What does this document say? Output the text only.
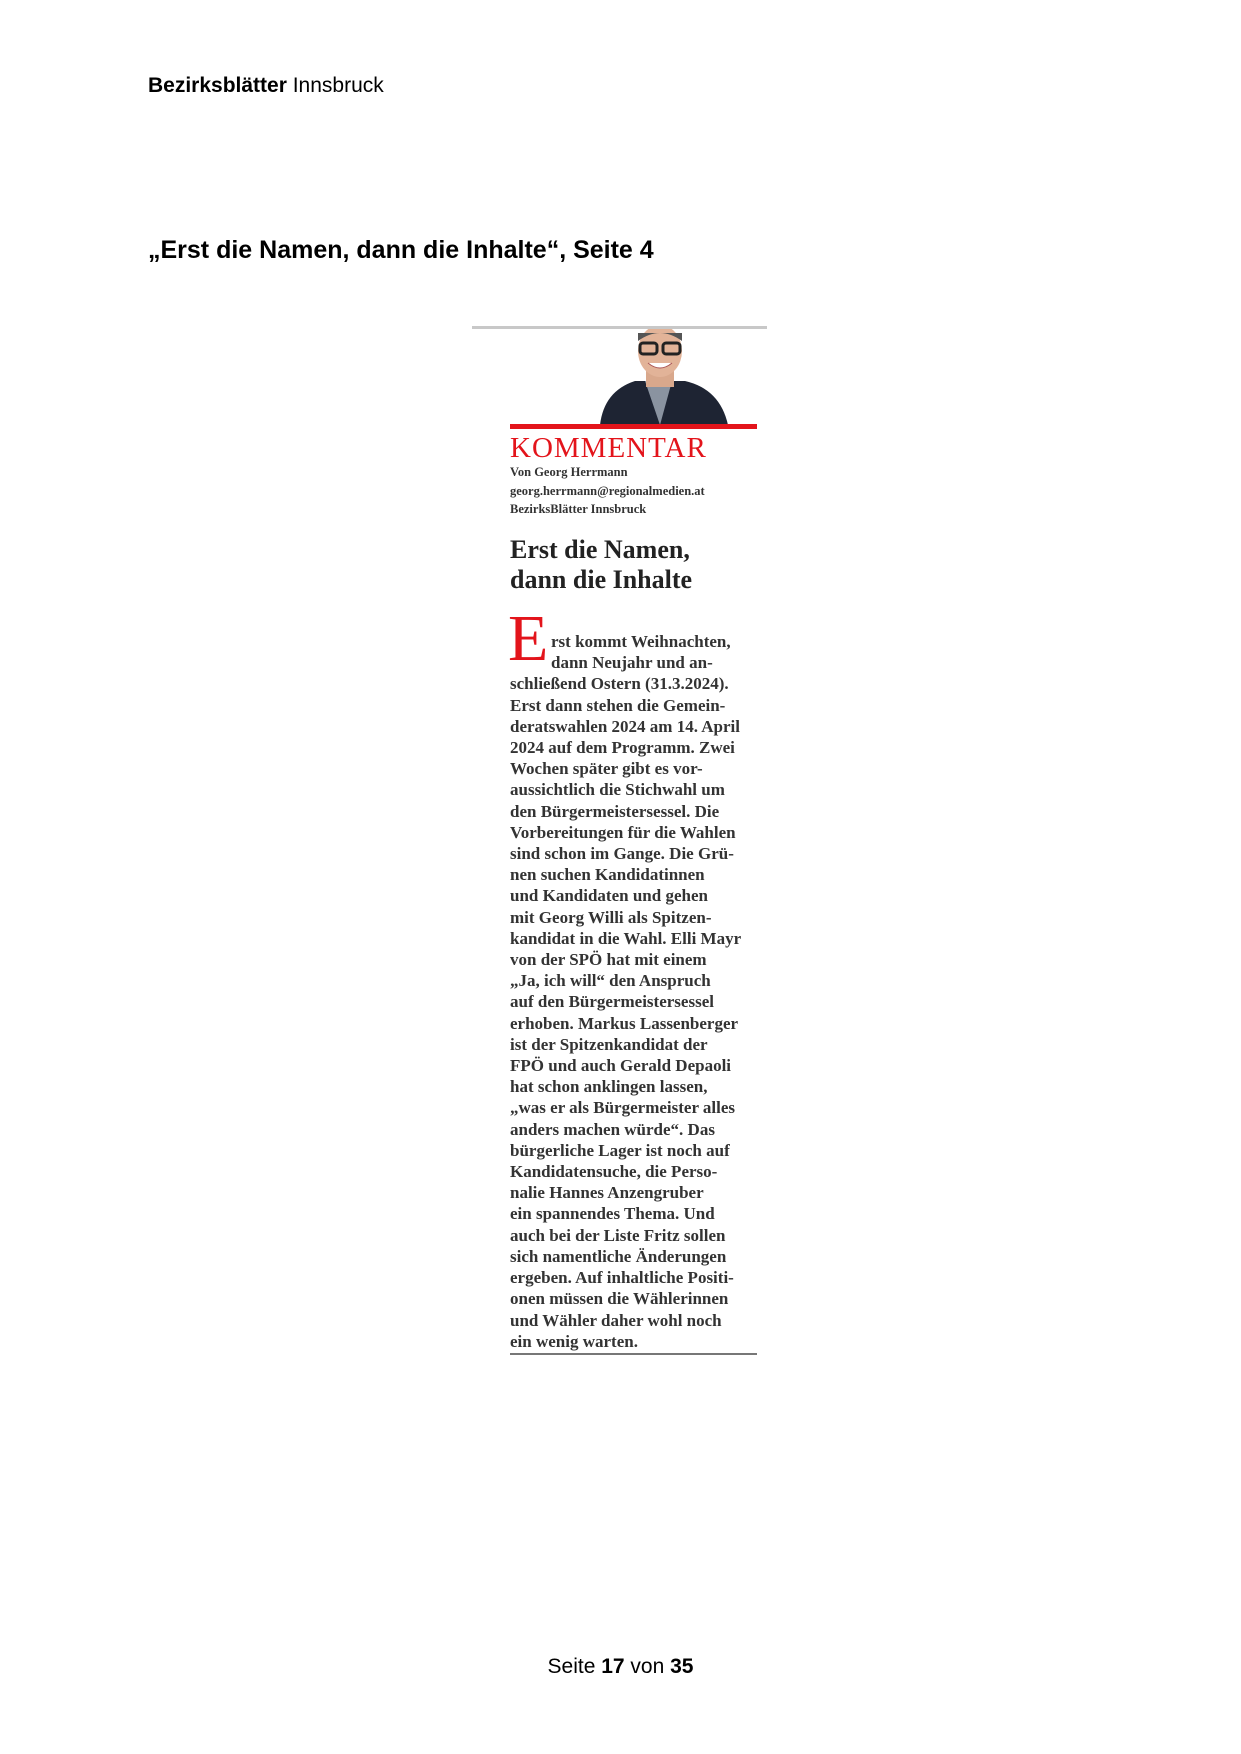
Bezirksblätter Innsbruck
„Erst die Namen, dann die Inhalte“, Seite 4
KOMMENTAR
Von Georg Herrmann
georg.herrmann@regionalmedien.at
BezirksBlätter Innsbruck
Erst die Namen,
dann die Inhalte
E rst kommt Weihnachten,
dann Neujahr und an-
schließend Ostern (31.3.2024).
Erst dann stehen die Gemein-
deratswahlen 2024 am 14. April
2024 auf dem Programm. Zwei
Wochen später gibt es vor-
aussichtlich die Stichwahl um
den Bürgermeistersessel. Die
Vorbereitungen für die Wahlen
sind schon im Gange. Die Grü-
nen suchen Kandidatinnen
und Kandidaten und gehen
mit Georg Willi als Spitzen-
kandidat in die Wahl. Elli Mayr
von der SPÖ hat mit einem
„Ja, ich will“ den Anspruch
auf den Bürgermeistersessel
erhoben. Markus Lassenberger
ist der Spitzenkandidat der
FPÖ und auch Gerald Depaoli
hat schon anklingen lassen,
„was er als Bürgermeister alles
anders machen würde“. Das
bürgerliche Lager ist noch auf
Kandidatensuche, die Perso-
nalie Hannes Anzengruber
ein spannendes Thema. Und
auch bei der Liste Fritz sollen
sich namentliche Änderungen
ergeben. Auf inhaltliche Positi-
onen müssen die Wählerinnen
und Wähler daher wohl noch
ein wenig warten.
Seite 17 von 35
